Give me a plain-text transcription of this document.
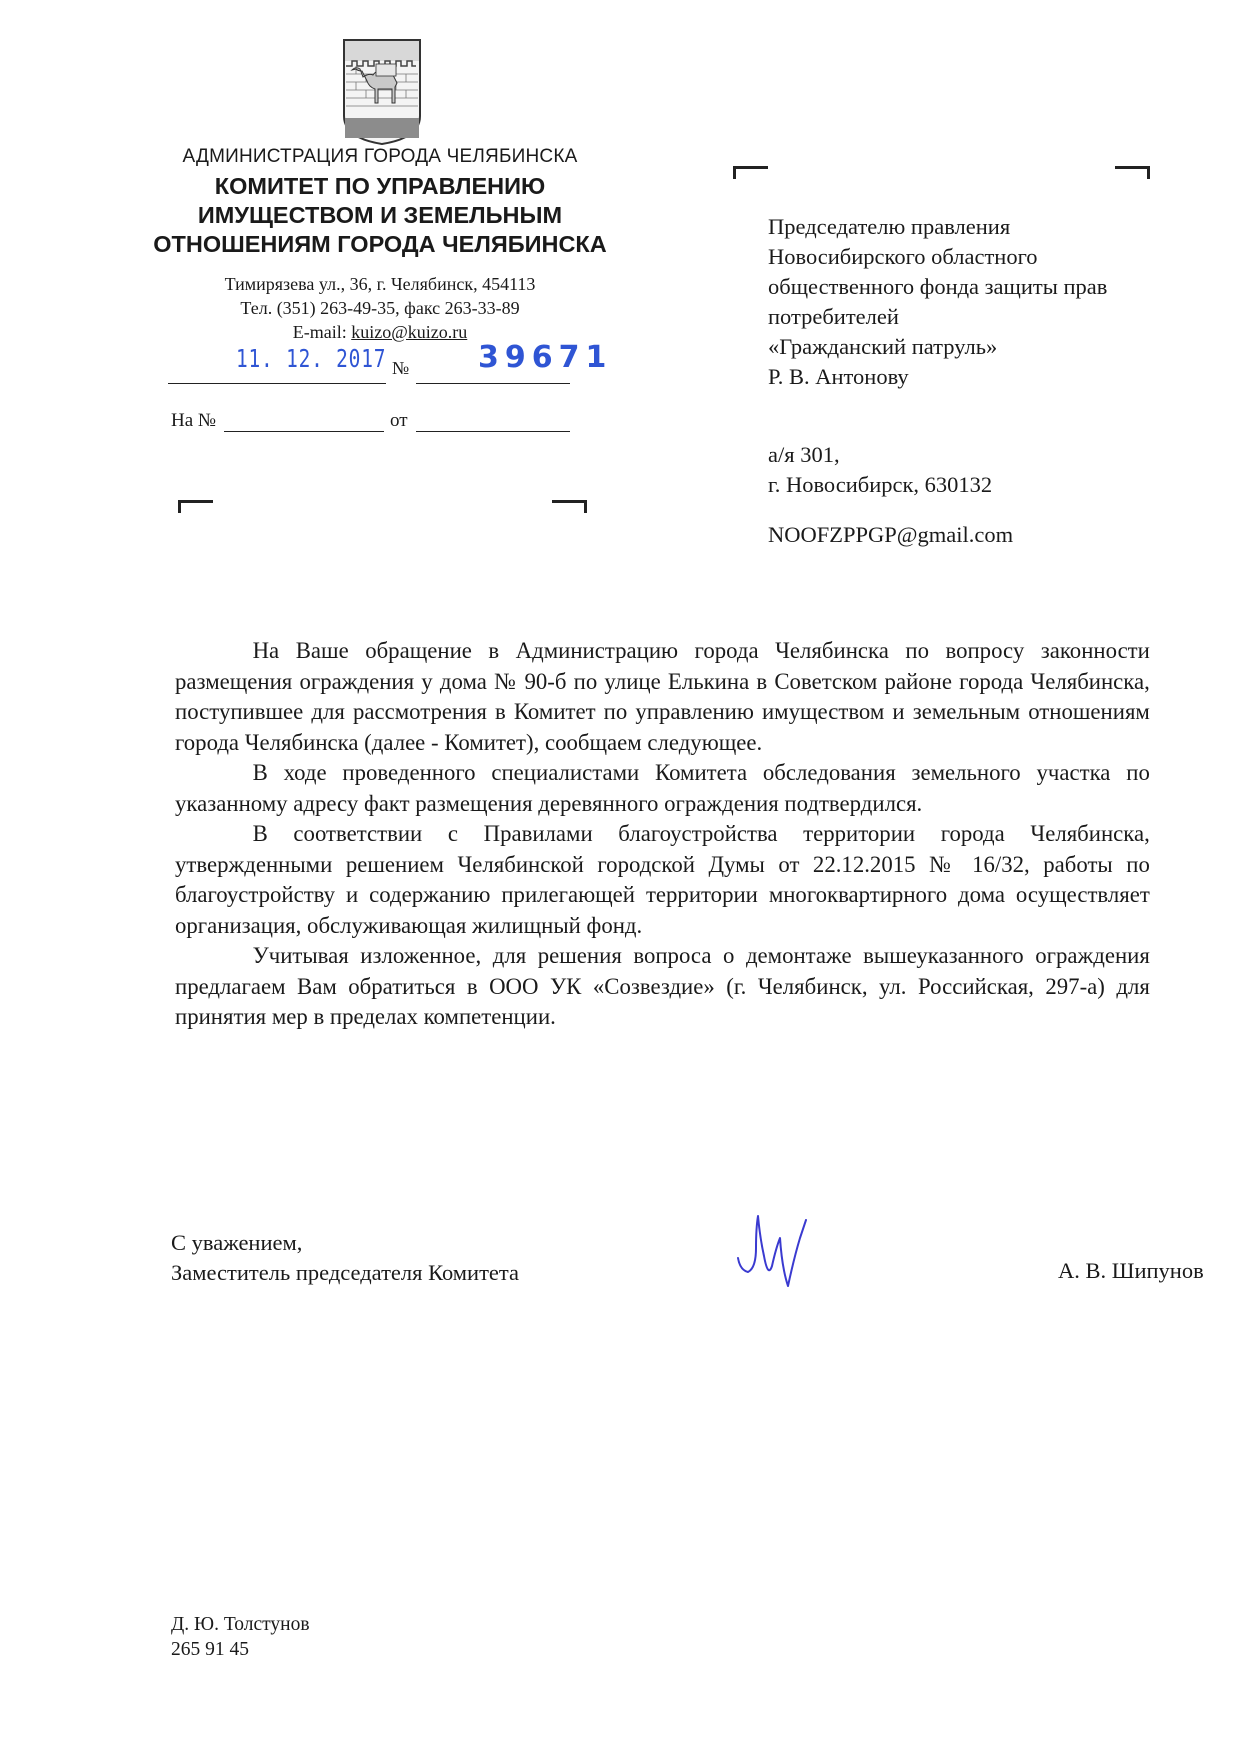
АДМИНИСТРАЦИЯ ГОРОДА ЧЕЛЯБИНСКА
КОМИТЕТ ПО УПРАВЛЕНИЮ
ИМУЩЕСТВОМ И ЗЕМЕЛЬНЫМ
ОТНОШЕНИЯМ ГОРОДА ЧЕЛЯБИНСКА
Тимирязева ул., 36, г. Челябинск, 454113
Тел. (351) 263-49-35, факс 263-33-89
E-mail: kuizo@kuizo.ru
11. 12. 2017 № 39671
На №	от
Председателю правления
Новосибирского областного
общественного фонда защиты прав
потребителей
«Гражданский патруль»
Р. В. Антонову
а/я 301,
г. Новосибирск, 630132
NOOFZPPGP@gmail.com

На Ваше обращение в Администрацию города Челябинска по вопросу законности размещения ограждения у дома № 90-б по улице Елькина в Советском районе города Челябинска, поступившее для рассмотрения в Комитет по управлению имуществом и земельным отношениям города Челябинска (далее - Комитет), сообщаем следующее.

В ходе проведенного специалистами Комитета обследования земельного участка по указанному адресу факт размещения деревянного ограждения подтвердился.

В соответствии с Правилами благоустройства территории города Челябинска, утвержденными решением Челябинской городской Думы от 22.12.2015 № 16/32, работы по благоустройству и содержанию прилегающей территории многоквартирного дома осуществляет организация, обслуживающая жилищный фонд.

Учитывая изложенное, для решения вопроса о демонтаже вышеуказанного ограждения предлагаем Вам обратиться в ООО УК «Созвездие» (г. Челябинск, ул. Российская, 297-а) для принятия мер в пределах компетенции.

С уважением,
Заместитель председателя Комитета	А. В. Шипунов
Д. Ю. Толстунов
265 91 45
